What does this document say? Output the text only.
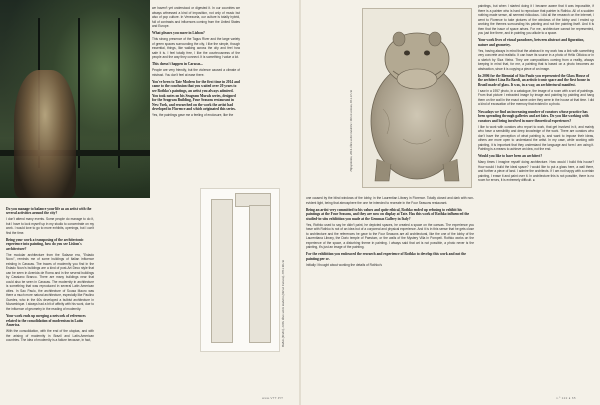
Do you manage to balance your life as an artist with the several activities around the city?

I don't attend many events. Some people do manage to do it, but I have to lock myself up in my studio to concentrate on my work. I would love to go to more exhibits, openings, but I can't find the time.

Being your work a transposing of the architectonic experience into painting, how do you see Lisbon's architecture?

The modular architecture from the Salazar era, "Estado Novo", reminds me of some buildings of Italian influence existing in Caracas. The traces of modernity you find in the Estado Novo's buildings are a kind of post-Art Deco style that can be seen in Avenida de Roma and in the several buildings by Cassiano Branco. There are many buildings near that could also be seen in Caracas. The modernity in architecture is something that was reproduced in several Latin American cities. In Sao Paulo, the architecture of Sousa Mauro was there a much more natural architecture, especially like Paulino Guedes, who in the 60s developed a bulbist architecture in Mozambique. I always had a bit of affinity with his work, due to the influence of geometry in the reading of modernity.

Your work ends up merging a network of references related to the consolidation of modernism in Latin America.

With the consolidation, with the end of the utopias, and with the arising of modernity in Brazil and Latin-American countries. The idea of modernity is a failure because, in fact,

we haven't yet understood or digested it. In our countries we always witnessed a kind of imposition, not only of music but also of pop culture. In Venezuela, our culture is totally hybrid, full of contrasts and influences coming from the United States and Europe.

What pleases you more in Lisbon?

This strong presence of the Tagus River and the large variety of green spaces surrounding the city, I like the simple, though essential, things, like walking across the city and feel how safe it is. I feel totally free, I like the courteousness of the people and the way they connect. It is something I value a lot.

This doesn't happen in Caracas...

People are very friendly, but the violence caused a climate of mistrust. You don't feel at ease there.

You've been to Tate Modern for the first time in 2014 and came to the conclusion that you waited over 20 years to see Rothko's paintings, an artist you always admired. You took notes on his Seagram Murals series, designed for the Seagram Building, Four Seasons restaurant in New York, and researched on the work the artist had developed in Florence and which originated this series.

Yes, the paintings gave me a feeling of enclosure, like the

Bolkio (Pedro), 2015. Óleo sobre madeira (Oil on Canvas), 170 x 96 cm
www.VTT.PIT
Hipopótamo, 2014. Óleo sobre madeira / Oil on canvas, 30 x 21 cm

paintings, but when I started doing it I became aware that it was impossible, if there is a painter who is hard to reproduce that painter is Rothko. All of a sudden nothing made sense, all seemed ridiculous. I did all the research on the internet, I went to Florence to take pictures of the windows of the lobby and I ended up working the themes surrounding his painting and not the painting itself. And it is then that the issue of space arises. For me, architecture cannot be represented, you just live there, and in painting you allude to a space.

Your work lives of visual paradoxes, between abstract and figuration, nature and geometry.

Yes, having always in mind that the abstract in my work has a link with something very concrete and realistic. It can have its source in a photo of Hélio Oiticica or in a sketch by Siza Vieira. They are compositions coming from a reality, always keeping in mind that, for me, a painting that is based on a photo becomes an abstraction, since it is copying a piece of an image.

In 2006 for the Biennial of São Paulo you represented the Glass House of the architect Lina Bo Bardi, an artistic iconic space and the first house in Brazil made of glass. It was, in a way, an architectural manifest.

I saw in a 1957 photo, in a catalogue, the image of a room with a set of paintings. From that picture I extracted image by image and painting by painting and hang them on the wall in the exact same order they were in the house at that time. I did a kind of excavation of the memory that existed in a photo.

Nowadays we find an increasing number of curators whose practice has been spreading through galleries and art fairs. Do you like working with curators and being involved in more theoretical experiences?

I like to work with curators who report to work, that get involved in it, and mainly who have a sensibility and deep knowledge of the work. There are curators who don't have the perception of what painting is, and want to impose their ideas, others are more open to understand the artist. In my case, while working with painting, it is important that they understand the language and form I am using it. Painting is a means to achieve an idea, not the end.

Would you like to have been an architect?

Many times I imagine myself doing architecture. How would I build this house? How would I build the ideal space? I would like to put a glass here, a wall there, and further a piece of land. I admire the architects. If I am not happy with a certain painting, I erase it and paint over it. In architecture this is not possible, there is no room for errors, it is extremely difficult. ●

n.º 122 ● 65

one caused by the blind windows of the lobby, in the Laurentian Library in Florence. Totally closed and dark with non-evident light, being that atmosphere the one he intended to recreate in the Four Seasons restaurant.

Being an artist very committed to his values and quite ethical, Rothko ended up refusing to exhibit his paintings at the Four Seasons, and they are now on display at Tate. Has this work of Rothko influenced the studied-in-situ exhibition you made at the Gemmas Gallery in Italy?

Yes, Rothko used to say he didn't paint, he depicted spaces, he created a space on the canvas. The experience you have with Rothko is not of an idea but of a corporeal and physical experience. And it is in this sense that he gets close to architecture and the references he gave to the Four Seasons are all architectural, like the one of the lobby of the Laurentiana Library, the Doric temple of Paestum, or the walls of the Mystery Villa in Pompeii. Rothko works on the experience of the space, a disturbing theme in painting. I always said that art is not possible, a photo never is the painting, it's just an image of the painting.

For the exhibition you embraced the research and experience of Rothko to develop this work and not the painting per se.

Initially I thought about working the details of Rothko's
